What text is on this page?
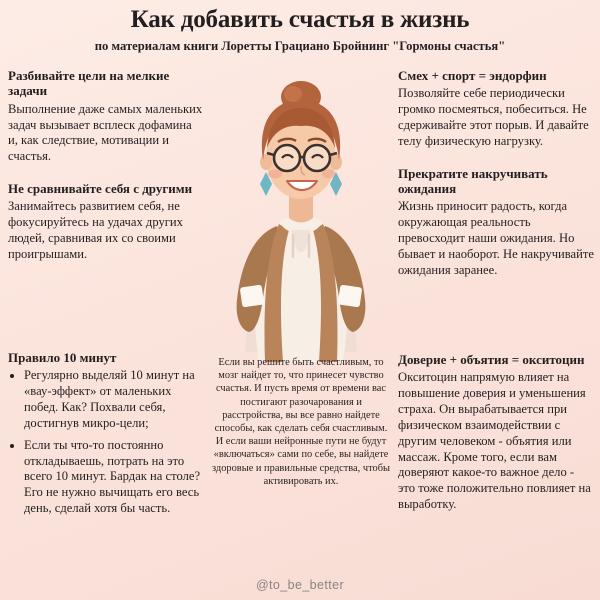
Как добавить счастья в жизнь
по материалам книги Лоретты Грациано Бройнинг "Гормоны счастья"
Если вы решите быть счастливым, то мозг найдет то, что принесет чувство счастья. И пусть время от времени вас постигают разочарования и расстройства, вы все равно найдете способы, как сделать себя счастливым. И если ваши нейронные пути не будут «включаться» сами по себе, вы найдете здоровые и правильные средства, чтобы активировать их.
Разбивайте цели на мелкие задачи
Выполнение даже самых маленьких задач вызывает всплеск дофамина и, как следствие, мотивации и счастья.
Не сравнивайте себя с другими
Занимайтесь развитием себя, не фокусируйтесь на удачах других людей, сравнивая их со своими проигрышами.
Правило 10 минут
• Регулярно выделяй 10 минут на «вау-эффект» от маленьких побед. Как? Похвали себя, достигнув микро-цели;
• Если ты что-то постоянно откладываешь, потрать на это всего 10 минут. Бардак на столе? Его не нужно вычищать его весь день, сделай хотя бы часть.
Смех + спорт = эндорфин
Позволяйте себе периодически громко посмеяться, побеситься. Не сдерживайте этот порыв. И давайте телу физическую нагрузку.
Прекратите накручивать ожидания
Жизнь приносит радость, когда окружающая реальность превосходит наши ожидания. Но бывает и наоборот. Не накручивайте ожидания заранее.
Доверие + объятия = окситоцин
Окситоцин напрямую влияет на повышение доверия и уменьшения страха. Он вырабатывается при физическом взаимодействии с другим человеком - объятия или массаж. Кроме того, если вам доверяют какое-то важное дело - это тоже положительно повлияет на выработку.
@to_be_better
